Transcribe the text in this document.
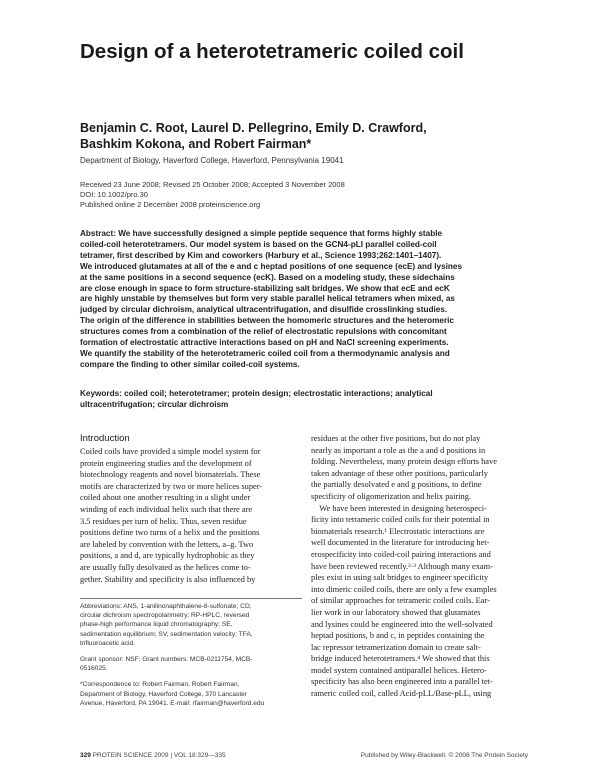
Design of a heterotetrameric coiled coil
Benjamin C. Root, Laurel D. Pellegrino, Emily D. Crawford,
Bashkim Kokona, and Robert Fairman*
Department of Biology, Haverford College, Haverford, Pennsylvania 19041
Received 23 June 2008; Revised 25 October 2008; Accepted 3 November 2008
DOI: 10.1002/pro.30
Published online 2 December 2008 proteinscience.org
Abstract: We have successfully designed a simple peptide sequence that forms highly stable
coiled-coil heterotetramers. Our model system is based on the GCN4-pLI parallel coiled-coil
tetramer, first described by Kim and coworkers (Harbury et al., Science 1993;262:1401–1407).
We introduced glutamates at all of the e and c heptad positions of one sequence (ecE) and lysines
at the same positions in a second sequence (ecK). Based on a modeling study, these sidechains
are close enough in space to form structure-stabilizing salt bridges. We show that ecE and ecK
are highly unstable by themselves but form very stable parallel helical tetramers when mixed, as
judged by circular dichroism, analytical ultracentrifugation, and disulfide crosslinking studies.
The origin of the difference in stabilities between the homomeric structures and the heteromeric
structures comes from a combination of the relief of electrostatic repulsions with concomitant
formation of electrostatic attractive interactions based on pH and NaCl screening experiments.
We quantify the stability of the heterotetrameric coiled coil from a thermodynamic analysis and
compare the finding to other similar coiled-coil systems.
Keywords: coiled coil; heterotetramer; protein design; electrostatic interactions; analytical
ultracentrifugation; circular dichroism
Introduction
Coiled coils have provided a simple model system for
protein engineering studies and the development of
biotechnology reagents and novel biomaterials. These
motifs are characterized by two or more helices super-
coiled about one another resulting in a slight under
winding of each individual helix such that there are
3.5 residues per turn of helix. Thus, seven residue
positions define two turns of a helix and the positions
are labeled by convention with the letters, a–g. Two
positions, a and d, are typically hydrophobic as they
are usually fully desolvated as the helices come to-
gether. Stability and specificity is also influenced by
Abbreviations: ANS, 1-anilinonaphthalene-8-sulfonate; CD,
circular dichroism spectropolarimetry; RP-HPLC, reversed
phase-high performance liquid chromatography; SE,
sedimentation equilibrium; SV, sedimentation velocity; TFA,
trifluoroacetic acid.
Grant sponsor: NSF; Grant numbers: MCB-0211754, MCB-
0516025.
*Correspondence to: Robert Fairman, Robert Fairman,
Department of Biology, Haverford College, 370 Lancaster
Avenue, Haverford, PA 19041. E-mail: rfairman@haverford.edu
residues at the other five positions, but do not play
nearly as important a role as the a and d positions in
folding. Nevertheless, many protein design efforts have
taken advantage of these other positions, particularly
the partially desolvated e and g positions, to define
specificity of oligomerization and helix pairing.
We have been interested in designing heterospeci-
ficity into tetrameric coiled coils for their potential in
biomaterials research.¹ Electrostatic interactions are
well documented in the literature for introducing het-
erospecificity into coiled-coil pairing interactions and
have been reviewed recently.²·³ Although many exam-
ples exist in using salt bridges to engineer specificity
into dimeric coiled coils, there are only a few examples
of similar approaches for tetrameric coiled coils. Ear-
lier work in our laboratory showed that glutamates
and lysines could be engineered into the well-solvated
heptad positions, b and c, in peptides containing the
lac repressor tetramerization domain to create salt-
bridge induced heterotetramers.⁴ We showed that this
model system contained antiparallel helices. Hetero-
specificity has also been engineered into a parallel tet-
rameric coiled coil, called Acid-pLL/Base-pLL, using
329 PROTEIN SCIENCE 2009 | VOL 18:329—335	Published by Wiley-Blackwell. © 2008 The Protein Society
